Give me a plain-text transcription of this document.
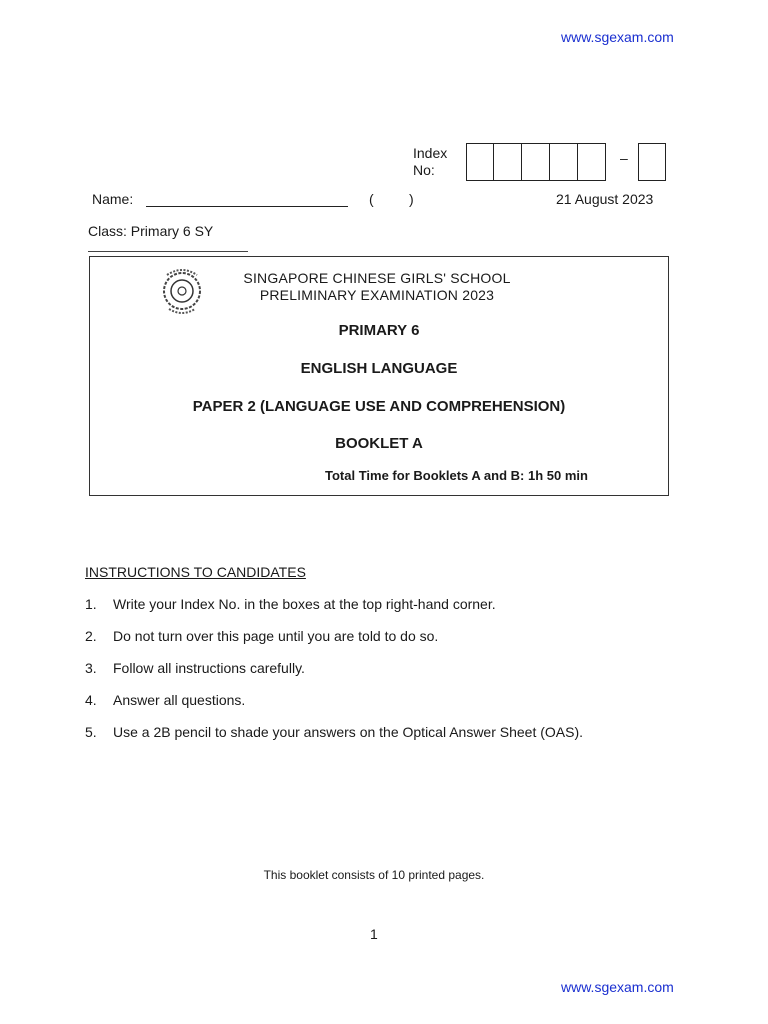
www.sgexam.com
Index
No:
–
Name:	(	)	21 August 2023
Class: Primary 6 SY
SINGAPORE CHINESE GIRLS' SCHOOL
PRELIMINARY EXAMINATION 2023
PRIMARY 6
ENGLISH LANGUAGE
PAPER 2 (LANGUAGE USE AND COMPREHENSION)
BOOKLET A
Total Time for Booklets A and B: 1h 50 min
INSTRUCTIONS TO CANDIDATES
1.	Write your Index No. in the boxes at the top right-hand corner.
2.	Do not turn over this page until you are told to do so.
3.	Follow all instructions carefully.
4.	Answer all questions.
5.	Use a 2B pencil to shade your answers on the Optical Answer Sheet (OAS).
This booklet consists of 10 printed pages.
1
www.sgexam.com
